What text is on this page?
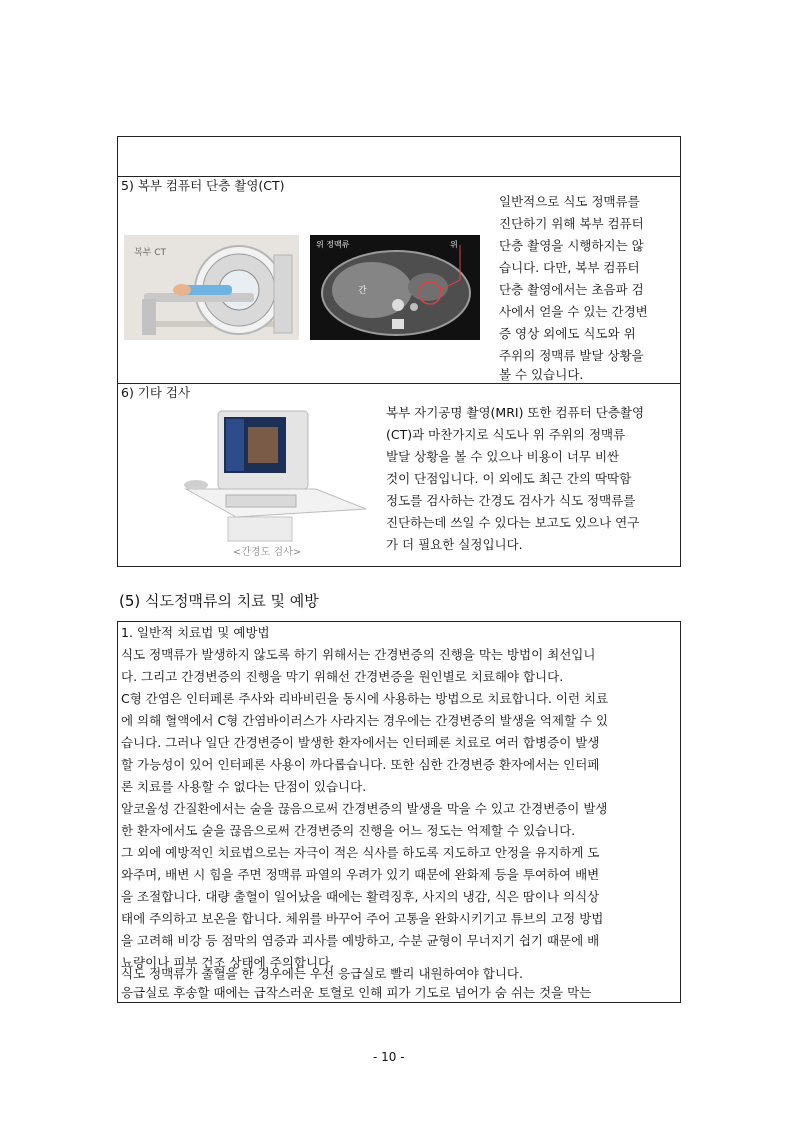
5) 복부 컴퓨터 단층 촬영(CT)
복부 CT
위 정맥류	위
간
일반적으로 식도 정맥류를
진단하기 위해 복부 컴퓨터
단층 촬영을 시행하지는 않
습니다. 다만, 복부 컴퓨터
단층 촬영에서는 초음파 검
사에서 얻을 수 있는 간경변
증 영상 외에도 식도와 위
주위의 정맥류 발달 상황을
볼 수 있습니다.
6) 기타 검사
<간경도 검사>
복부 자기공명 촬영(MRI) 또한 컴퓨터 단층촬영
(CT)과 마찬가지로 식도나 위 주위의 정맥류
발달 상황을 볼 수 있으나 비용이 너무 비싼
것이 단점입니다. 이 외에도 최근 간의 딱딱함
정도를 검사하는 간경도 검사가 식도 정맥류를
진단하는데 쓰일 수 있다는 보고도 있으나 연구
가 더 필요한 실정입니다.
(5) 식도정맥류의 치료 및 예방
1. 일반적 치료법 및 예방법
식도 정맥류가 발생하지 않도록 하기 위해서는 간경변증의 진행을 막는 방법이 최선입니
다. 그리고 간경변증의 진행을 막기 위해선 간경변증을 원인별로 치료해야 합니다.
C형 간염은 인터페론 주사와 리바비린을 동시에 사용하는 방법으로 치료합니다. 이런 치료
에 의해 혈액에서 C형 간염바이러스가 사라지는 경우에는 간경변증의 발생을 억제할 수 있
습니다. 그러나 일단 간경변증이 발생한 환자에서는 인터페론 치료로 여러 합병증이 발생
할 가능성이 있어 인터페론 사용이 까다롭습니다. 또한 심한 간경변증 환자에서는 인터페
론 치료를 사용할 수 없다는 단점이 있습니다.
알코올성 간질환에서는 술을 끊음으로써 간경변증의 발생을 막을 수 있고 간경변증이 발생
한 환자에서도 술을 끊음으로써 간경변증의 진행을 어느 정도는 억제할 수 있습니다.
그 외에 예방적인 치료법으로는 자극이 적은 식사를 하도록 지도하고 안정을 유지하게 도
와주며, 배변 시 힘을 주면 정맥류 파열의 우려가 있기 때문에 완화제 등을 투여하여 배변
을 조절합니다. 대량 출혈이 일어났을 때에는 활력징후, 사지의 냉감, 식은 땀이나 의식상
태에 주의하고 보온을 합니다. 체위를 바꾸어 주어 고통을 완화시키기고 튜브의 고정 방법
을 고려해 비강 등 점막의 염증과 괴사를 예방하고, 수분 균형이 무너지기 쉽기 때문에 배
뇨량이나 피부 건조 상태에 주의합니다.
응급실로 후송할 때에는 급작스러운 토혈로 인해 피가 기도로 넘어가 숨 쉬는 것을 막는
식도 정맥류가 출혈을 한 경우에는 우선 응급실로 빨리 내원하여야 합니다.
- 10 -
